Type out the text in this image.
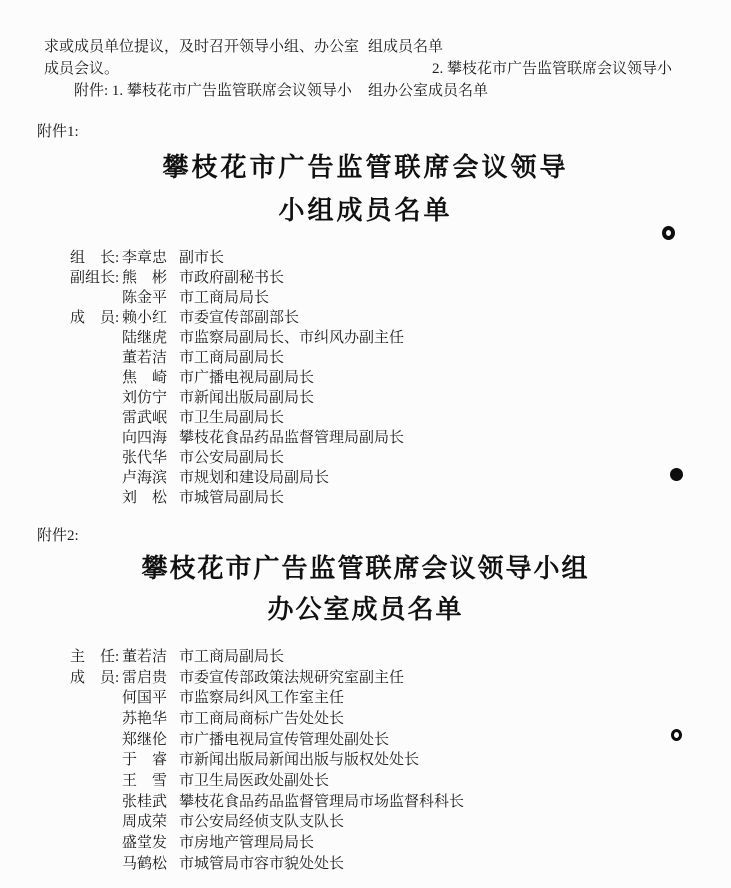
求或成员单位提议，及时召开领导小组、办公室
成员会议。
附件: 1. 攀枝花市广告监管联席会议领导小
组成员名单
2. 攀枝花市广告监管联席会议领导小
组办公室成员名单
附件1:
攀枝花市广告监管联席会议领导
小组成员名单
组　长: 李章忠 副市长
副组长: 熊　彬 市政府副秘书长
陈金平 市工商局局长
成　员: 赖小红 市委宣传部副部长
陆继虎 市监察局副局长、市纠风办副主任
董若洁 市工商局副局长
焦　崎 市广播电视局副局长
刘仿宁 市新闻出版局副局长
雷武岷 市卫生局副局长
向四海 攀枝花食品药品监督管理局副局长
张代华 市公安局副局长
卢海滨 市规划和建设局副局长
刘　松 市城管局副局长
附件2:
攀枝花市广告监管联席会议领导小组
办公室成员名单
主　任: 董若洁 市工商局副局长
成　员: 雷启贵 市委宣传部政策法规研究室副主任
何国平 市监察局纠风工作室主任
苏艳华 市工商局商标广告处处长
郑继伦 市广播电视局宣传管理处副处长
于　睿 市新闻出版局新闻出版与版权处处长
王　雪 市卫生局医政处副处长
张桂武 攀枝花食品药品监督管理局市场监督科科长
周成荣 市公安局经侦支队支队长
盛堂发 市房地产管理局局长
马鹤松 市城管局市容市貌处处长
